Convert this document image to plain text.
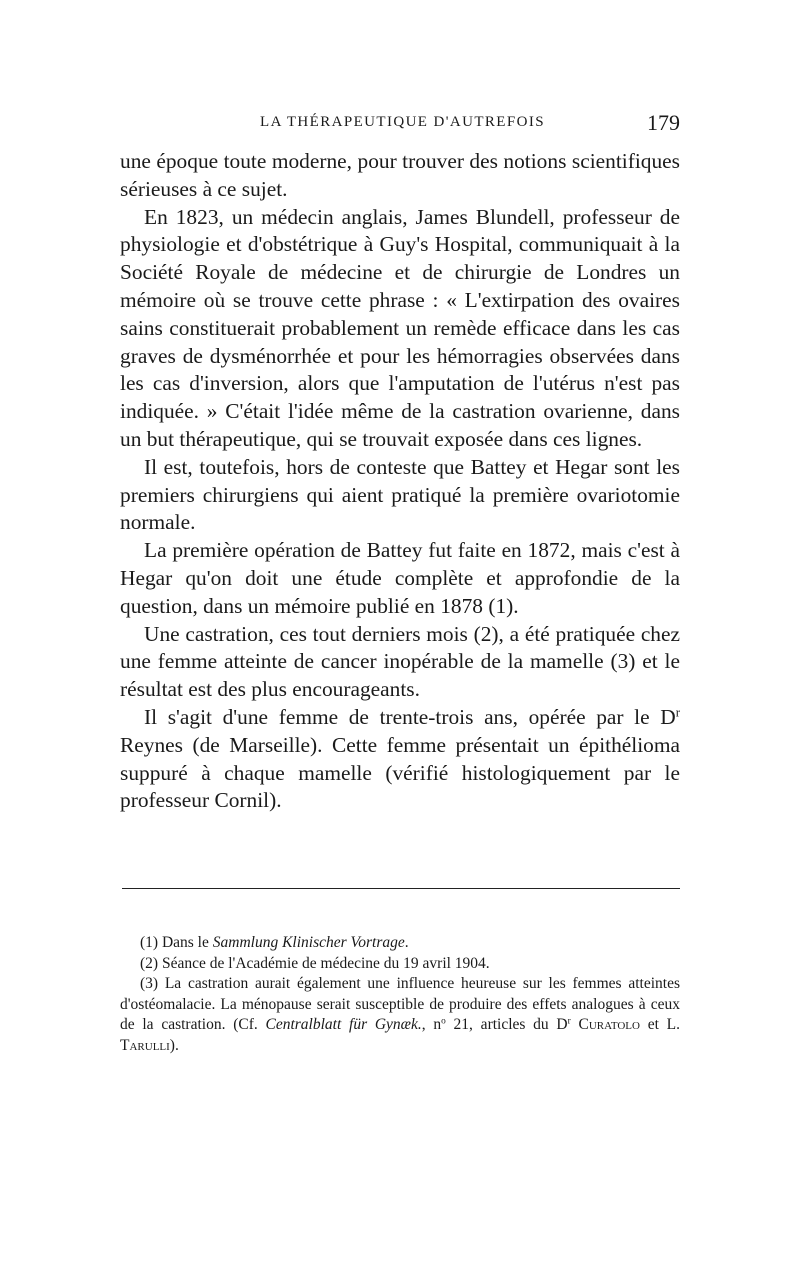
LA THÉRAPEUTIQUE D'AUTREFOIS	179

une époque toute moderne, pour trouver des notions scientifiques sérieuses à ce sujet.

En 1823, un médecin anglais, James Blundell, professeur de physiologie et d'obstétrique à Guy's Hospital, communiquait à la Société Royale de médecine et de chirurgie de Londres un mémoire où se trouve cette phrase : « L'extirpation des ovaires sains constituerait probablement un remède efficace dans les cas graves de dysménorrhée et pour les hémorragies observées dans les cas d'inversion, alors que l'amputation de l'utérus n'est pas indiquée. » C'était l'idée même de la castration ovarienne, dans un but thérapeutique, qui se trouvait exposée dans ces lignes.

Il est, toutefois, hors de conteste que Battey et Hegar sont les premiers chirurgiens qui aient pratiqué la première ovariotomie normale.

La première opération de Battey fut faite en 1872, mais c'est à Hegar qu'on doit une étude complète et approfondie de la question, dans un mémoire publié en 1878 (1).

Une castration, ces tout derniers mois (2), a été pratiquée chez une femme atteinte de cancer inopérable de la mamelle (3) et le résultat est des plus encourageants.

Il s'agit d'une femme de trente-trois ans, opérée par le $D^r$ Reynes (de Marseille). Cette femme présentait un épithélioma suppuré à chaque mamelle (vérifié histologiquement par le professeur Cornil).

(1) Dans le Sammlung Klinischer Vortrage.

(2) Séance de l'Académie de médecine du 19 avril 1904.

(3) La castration aurait également une influence heureuse sur les femmes atteintes d'ostéomalacie. La ménopause serait susceptible de produire des effets analogues à ceux de la castration. (Cf. Centralblatt für Gynæk., $n^o$ 21, articles du $D^r$ Curatolo et L. Tarulli).
